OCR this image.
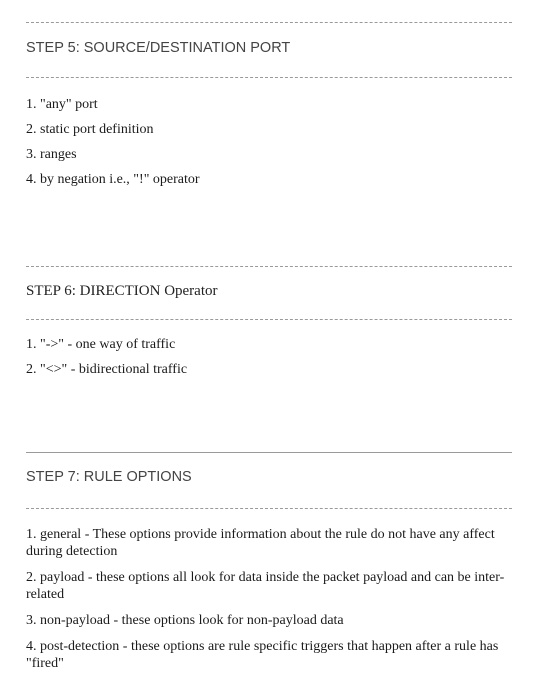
STEP 5: SOURCE/DESTINATION PORT
1. "any" port
2. static port definition
3. ranges
4. by negation i.e., "!" operator
STEP 6: DIRECTION Operator
1. "->" - one way of traffic
2. "<>" - bidirectional traffic
STEP 7: RULE OPTIONS
1. general - These options provide information about the rule do not have any affect during detection
2. payload - these options all look for data inside the packet payload and can be inter-related
3. non-payload - these options look for non-payload data
4. post-detection - these options are rule specific triggers that happen after a rule has "fired"
